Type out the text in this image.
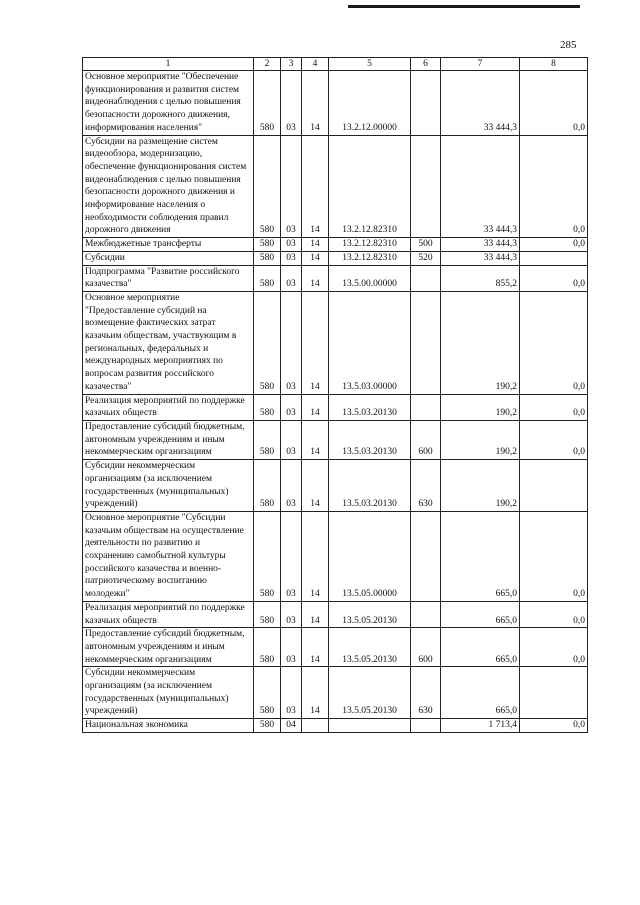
285
1	2	3	4	5	6	7	8
Основное мероприятие "Обеспечение функционирования и развития систем видеонаблюдения с целью повышения безопасности дорожного движения, информирования населения"	580	03	14	13.2.12.00000		33 444,3	0,0
Субсидии на размещение систем видеообзора, модернизацию, обеспечение функционирования систем видеонаблюдения с целью повышения безопасности дорожного движения и информирование населения о необходимости соблюдения правил дорожного движения	580	03	14	13.2.12.82310		33 444,3	0,0
Межбюджетные трансферты	580	03	14	13.2.12.82310	500	33 444,3	0,0
Субсидии	580	03	14	13.2.12.82310	520	33 444,3	
Подпрограмма "Развитие российского казачества"	580	03	14	13.5.00.00000		855,2	0,0
Основное мероприятие "Предоставление субсидий на возмещение фактических затрат казачьим обществам, участвующим в региональных, федеральных и международных мероприятиях по вопросам развития российского казачества"	580	03	14	13.5.03.00000		190,2	0,0
Реализация мероприятий по поддержке казачьих обществ	580	03	14	13.5.03.20130		190,2	0,0
Предоставление субсидий бюджетным, автономным учреждениям и иным некоммерческим организациям	580	03	14	13.5.03.20130	600	190,2	0,0
Субсидии некоммерческим организациям (за исключением государственных (муниципальных) учреждений)	580	03	14	13.5.03.20130	630	190,2	
Основное мероприятие "Субсидии казачьим обществам на осуществление деятельности по развитию и сохранению самобытной культуры российского казачества и военно-патриотическому воспитанию молодежи"	580	03	14	13.5.05.00000		665,0	0,0
Реализация мероприятий по поддержке казачьих обществ	580	03	14	13.5.05.20130		665,0	0,0
Предоставление субсидий бюджетным, автономным учреждениям и иным некоммерческим организациям	580	03	14	13.5.05.20130	600	665,0	0,0
Субсидии некоммерческим организациям (за исключением государственных (муниципальных) учреждений)	580	03	14	13.5.05.20130	630	665,0	
Национальная экономика	580	04				1 713,4	0,0
